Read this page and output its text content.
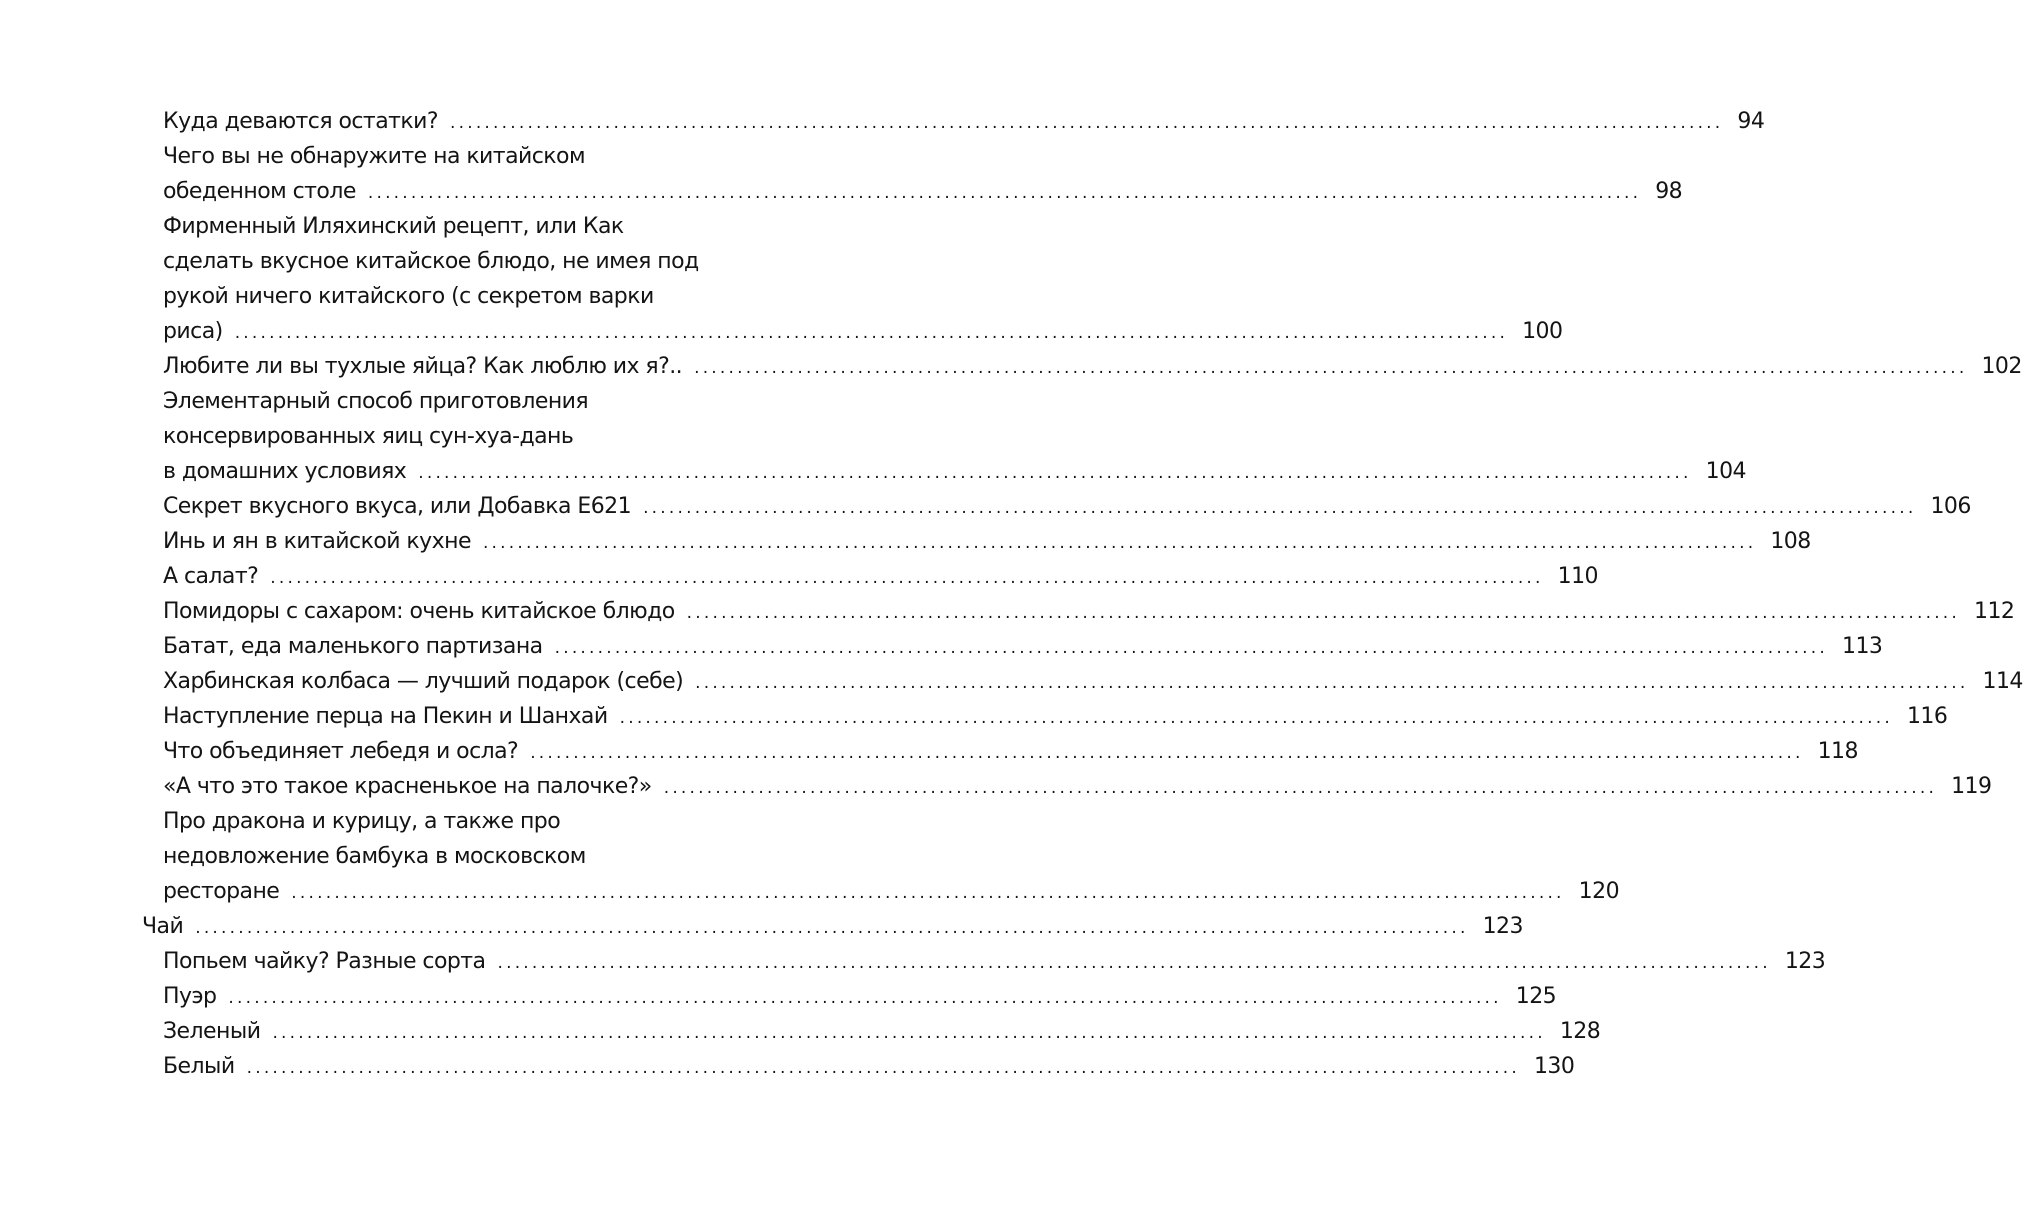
Куда деваются остатки? .....	94
Чего вы не обнаружите на китайском
обеденном столе .....	98
Фирменный Иляхинский рецепт, или Как
сделать вкусное китайское блюдо, не имея под
рукой ничего китайского (с секретом варки
риса) .....	100
Любите ли вы тухлые яйца? Как люблю их я?.. .....	102
Элементарный способ приготовления
консервированных яиц сун-хуа-дань
в домашних условиях .....	104
Секрет вкусного вкуса, или Добавка Е621 .....	106
Инь и ян в китайской кухне .....	108
А салат? .....	110
Помидоры с сахаром: очень китайское блюдо .....	112
Батат, еда маленького партизана .....	113
Харбинская колбаса — лучший подарок (себе) .....	114
Наступление перца на Пекин и Шанхай .....	116
Что объединяет лебедя и осла? .....	118
«А что это такое красненькое на палочке?» .....	119
Про дракона и курицу, а также про
недовложение бамбука в московском
ресторане .....	120
Чай .....	123
Попьем чайку? Разные сорта .....	123
Пуэр .....	125
Зеленый .....	128
Белый .....	130
